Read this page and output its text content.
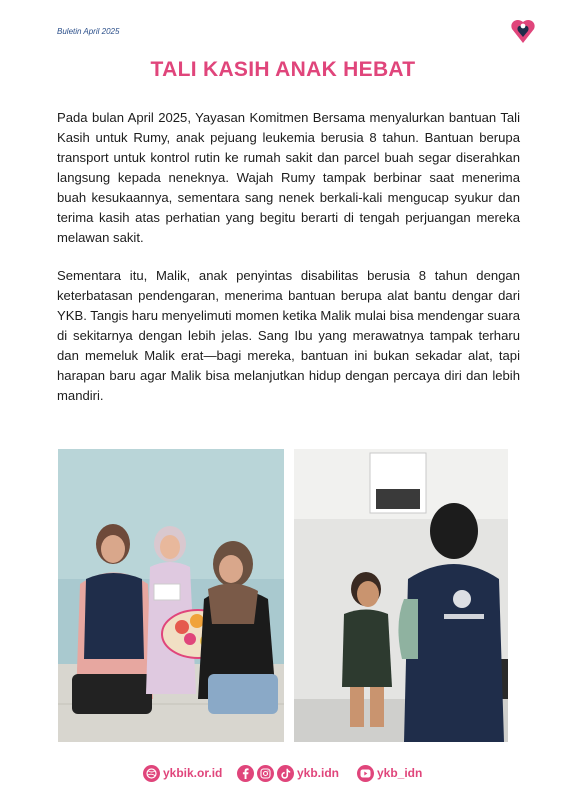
Buletin April 2025
TALI KASIH ANAK HEBAT

Pada bulan April 2025, Yayasan Komitmen Bersama menyalurkan bantuan Tali Kasih untuk Rumy, anak pejuang leukemia berusia 8 tahun. Bantuan berupa transport untuk kontrol rutin ke rumah sakit dan parcel buah segar diserahkan langsung kepada neneknya. Wajah Rumy tampak berbinar saat menerima buah kesukaannya, sementara sang nenek berkali-kali mengucap syukur dan terima kasih atas perhatian yang begitu berarti di tengah perjuangan mereka melawan sakit.

Sementara itu, Malik, anak penyintas disabilitas berusia 8 tahun dengan keterbatasan pendengaran, menerima bantuan berupa alat bantu dengar dari YKB. Tangis haru menyelimuti momen ketika Malik mulai bisa mendengar suara di sekitarnya dengan lebih jelas. Sang Ibu yang merawatnya tampak terharu dan memeluk Malik erat—bagi mereka, bantuan ini bukan sekadar alat, tapi harapan baru agar Malik bisa melanjutkan hidup dengan percaya diri dan lebih mandiri.

ykbik.or.id	ykb.idn	ykb_idn
